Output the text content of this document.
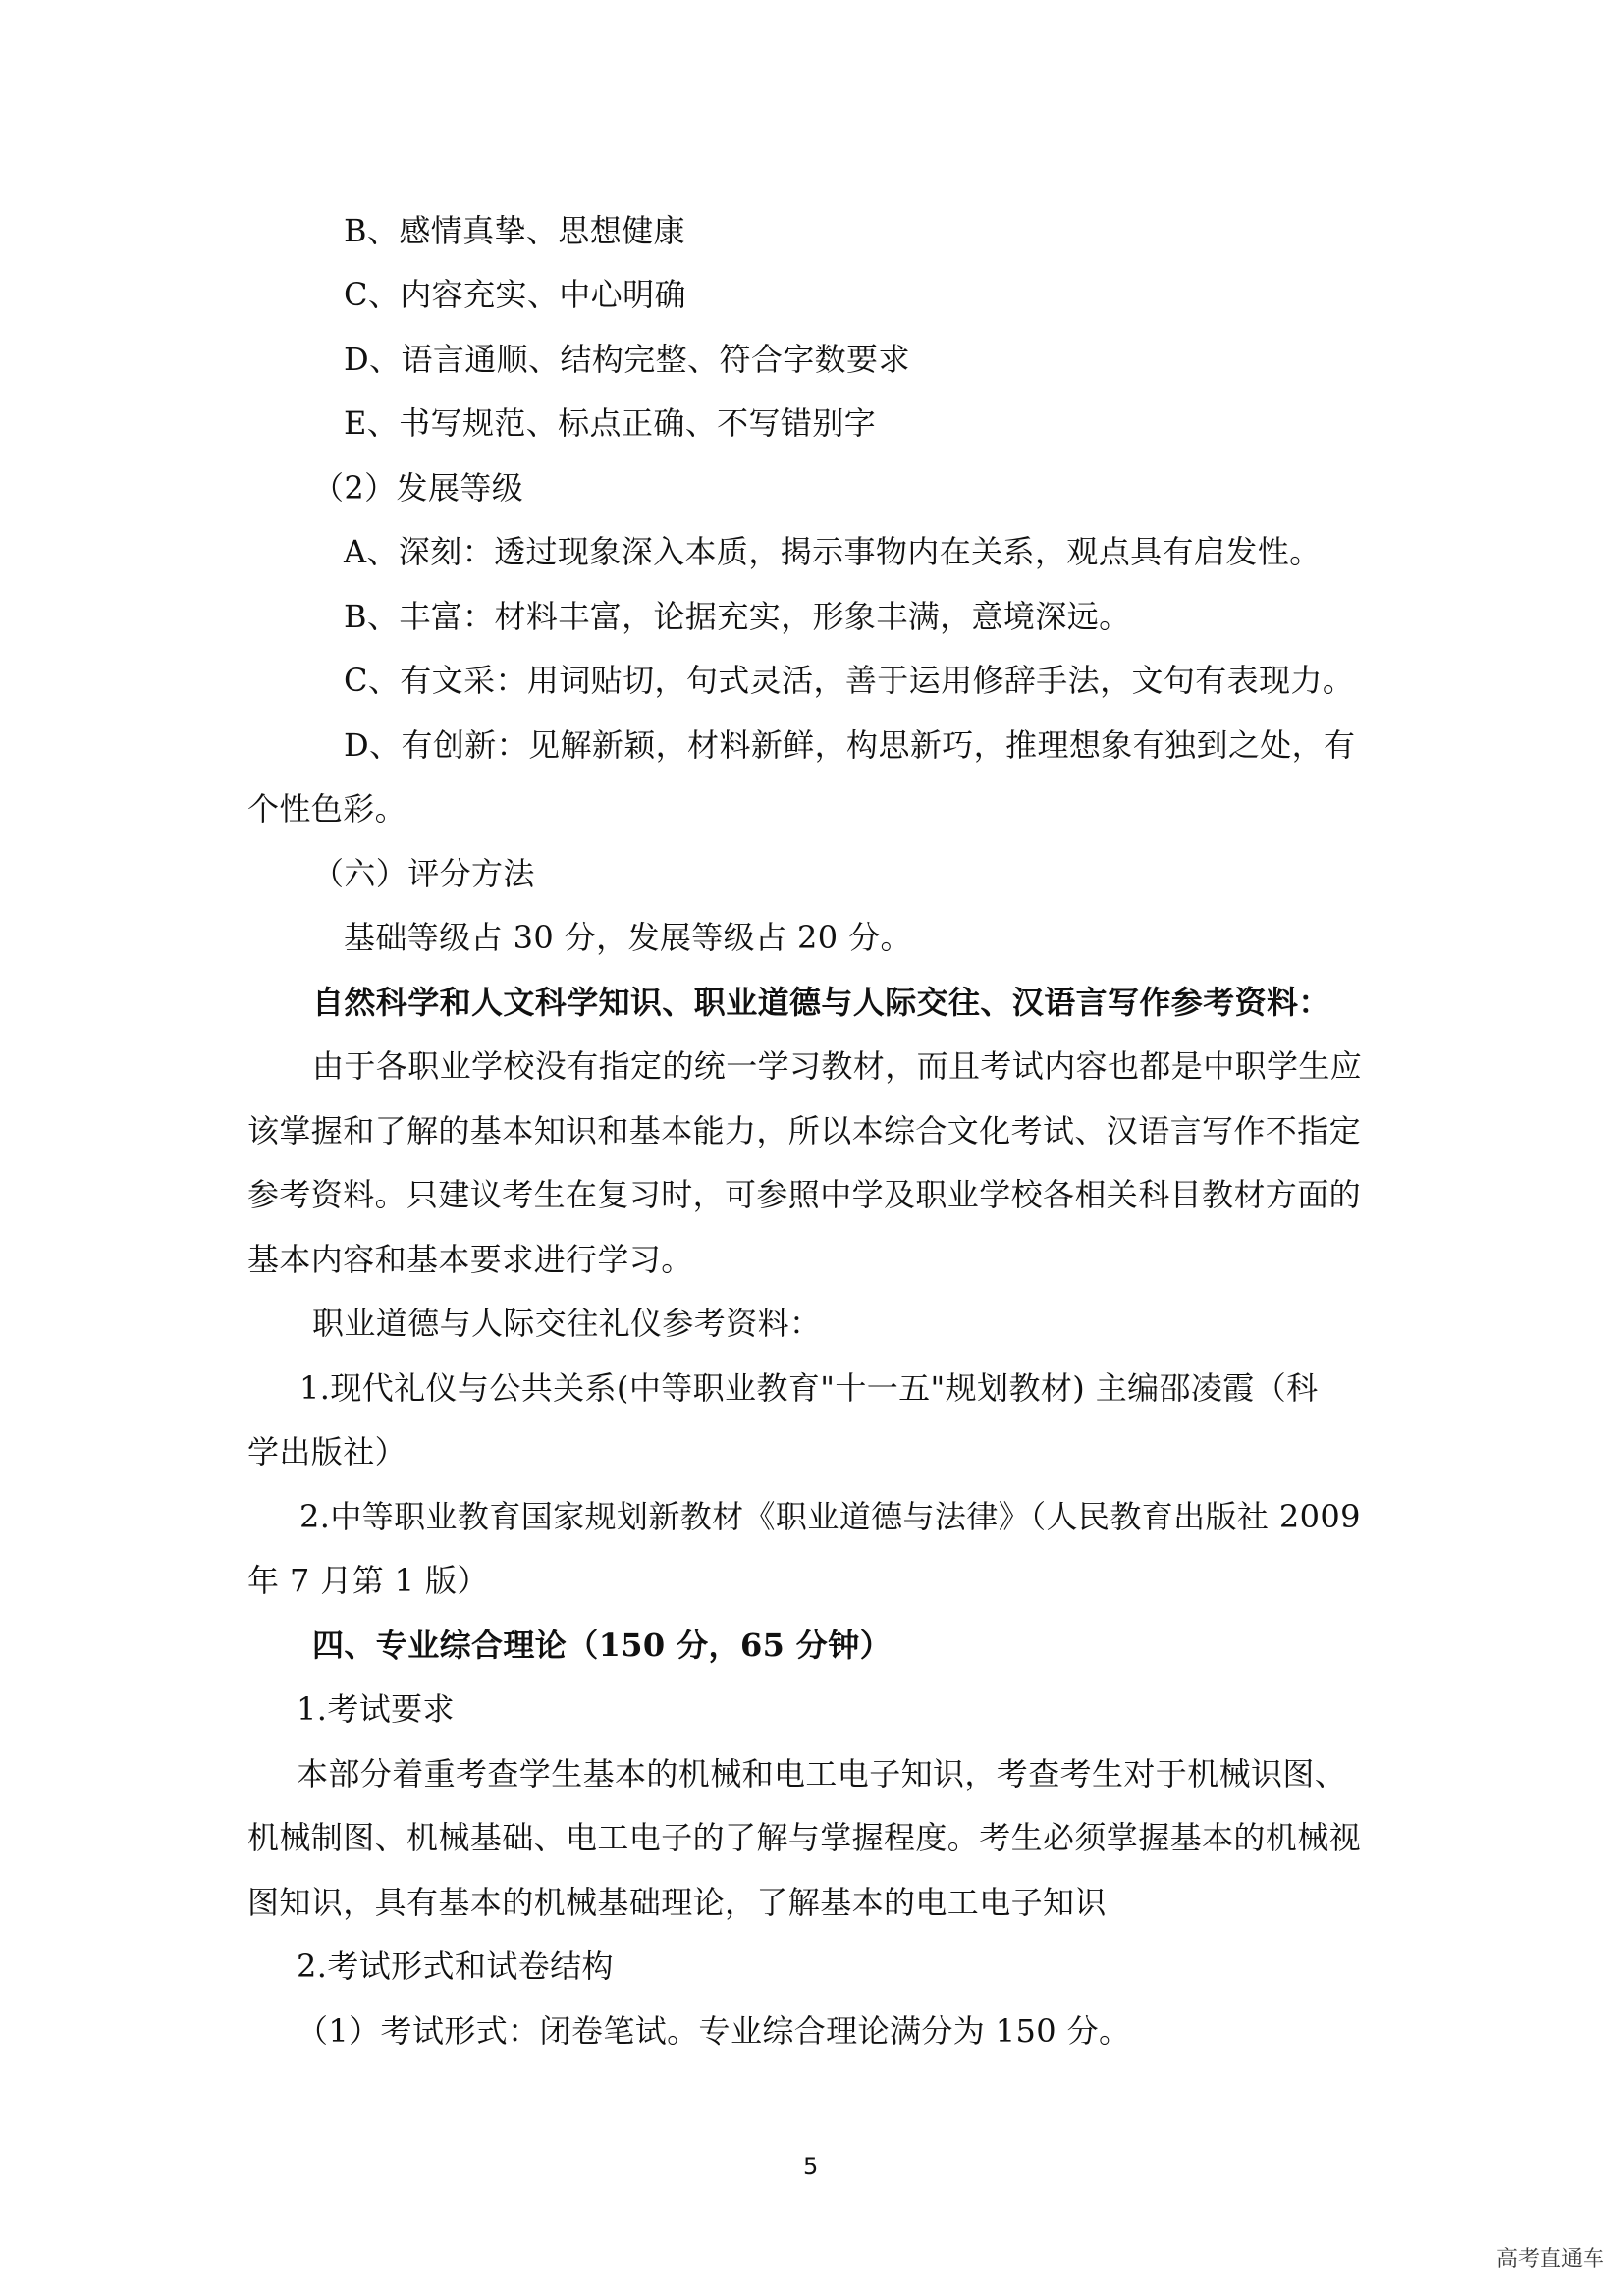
B、感情真挚、思想健康
C、内容充实、中心明确
D、语言通顺、结构完整、符合字数要求
E、书写规范、标点正确、不写错别字
（2）发展等级
A、深刻：透过现象深入本质，揭示事物内在关系，观点具有启发性。
B、丰富：材料丰富，论据充实，形象丰满，意境深远。
C、有文采：用词贴切，句式灵活，善于运用修辞手法，文句有表现力。
D、有创新：见解新颖，材料新鲜，构思新巧，推理想象有独到之处，有
个性色彩。
（六）评分方法
基础等级占 30 分，发展等级占 20 分。
自然科学和人文科学知识、职业道德与人际交往、汉语言写作参考资料：
由于各职业学校没有指定的统一学习教材，而且考试内容也都是中职学生应
该掌握和了解的基本知识和基本能力，所以本综合文化考试、汉语言写作不指定
参考资料。只建议考生在复习时，可参照中学及职业学校各相关科目教材方面的
基本内容和基本要求进行学习。
职业道德与人际交往礼仪参考资料：
1.现代礼仪与公共关系(中等职业教育"十一五"规划教材) 主编邵凌霞（科
学出版社）
2.中等职业教育国家规划新教材《职业道德与法律》（人民教育出版社 2009
年 7 月第 1 版）
四、专业综合理论（150 分，65 分钟）
1.考试要求
本部分着重考查学生基本的机械和电工电子知识，考查考生对于机械识图、
机械制图、机械基础、电工电子的了解与掌握程度。考生必须掌握基本的机械视
图知识，具有基本的机械基础理论，了解基本的电工电子知识
2.考试形式和试卷结构
（1）考试形式：闭卷笔试。专业综合理论满分为 150 分。
5
高考直通车
